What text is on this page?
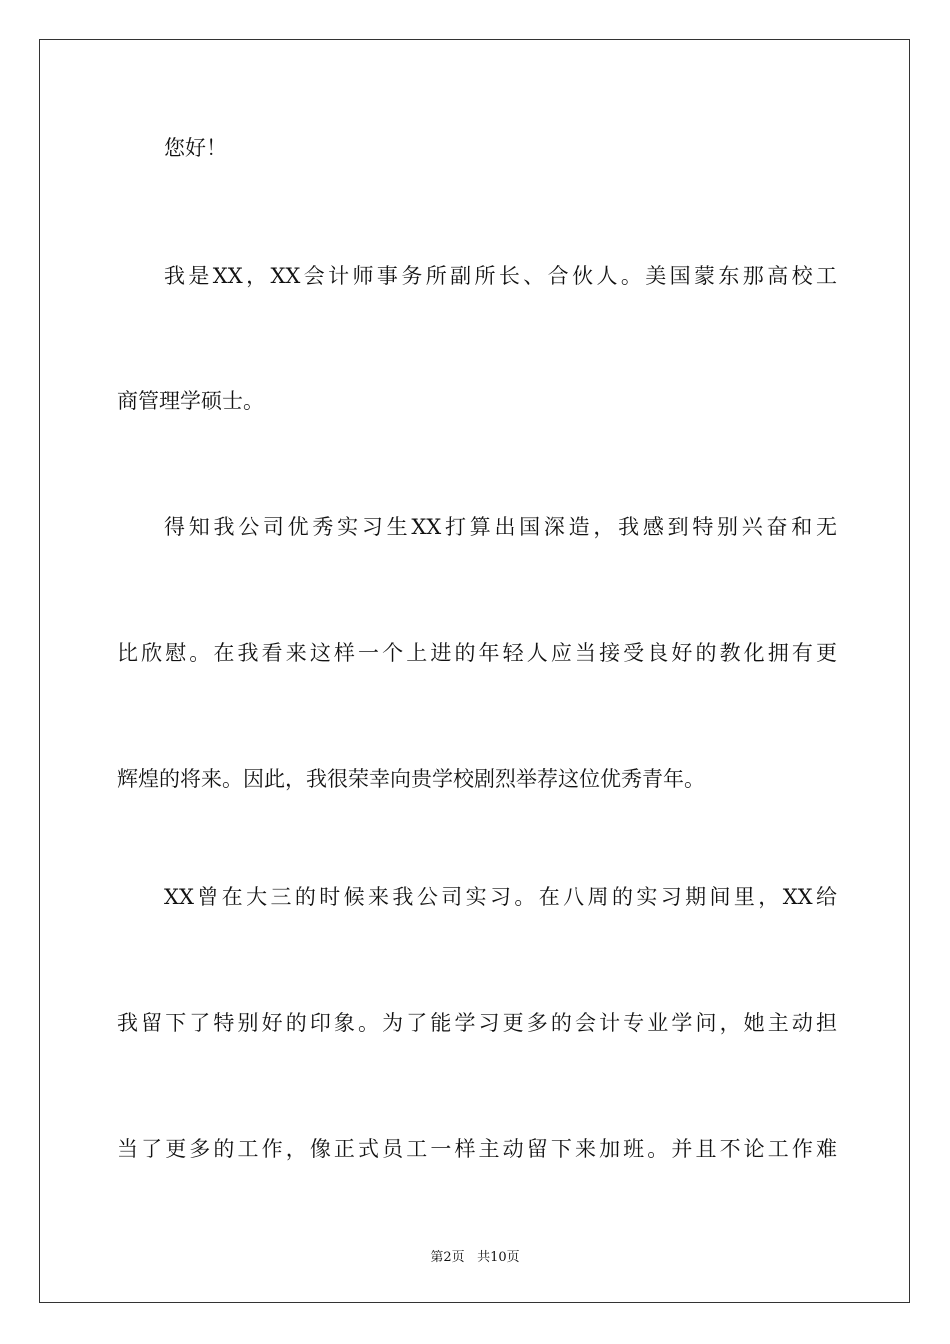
您好！
我是XX，XX会计师事务所副所长、合伙人。美国蒙东那高校工
商管理学硕士。
得知我公司优秀实习生XX打算出国深造，我感到特别兴奋和无
比欣慰。在我看来这样一个上进的年轻人应当接受良好的教化拥有更
辉煌的将来。因此，我很荣幸向贵学校剧烈举荐这位优秀青年。
XX曾在大三的时候来我公司实习。在八周的实习期间里，XX给
我留下了特别好的印象。为了能学习更多的会计专业学问，她主动担
当了更多的工作，像正式员工一样主动留下来加班。并且不论工作难
第2页 共10页
